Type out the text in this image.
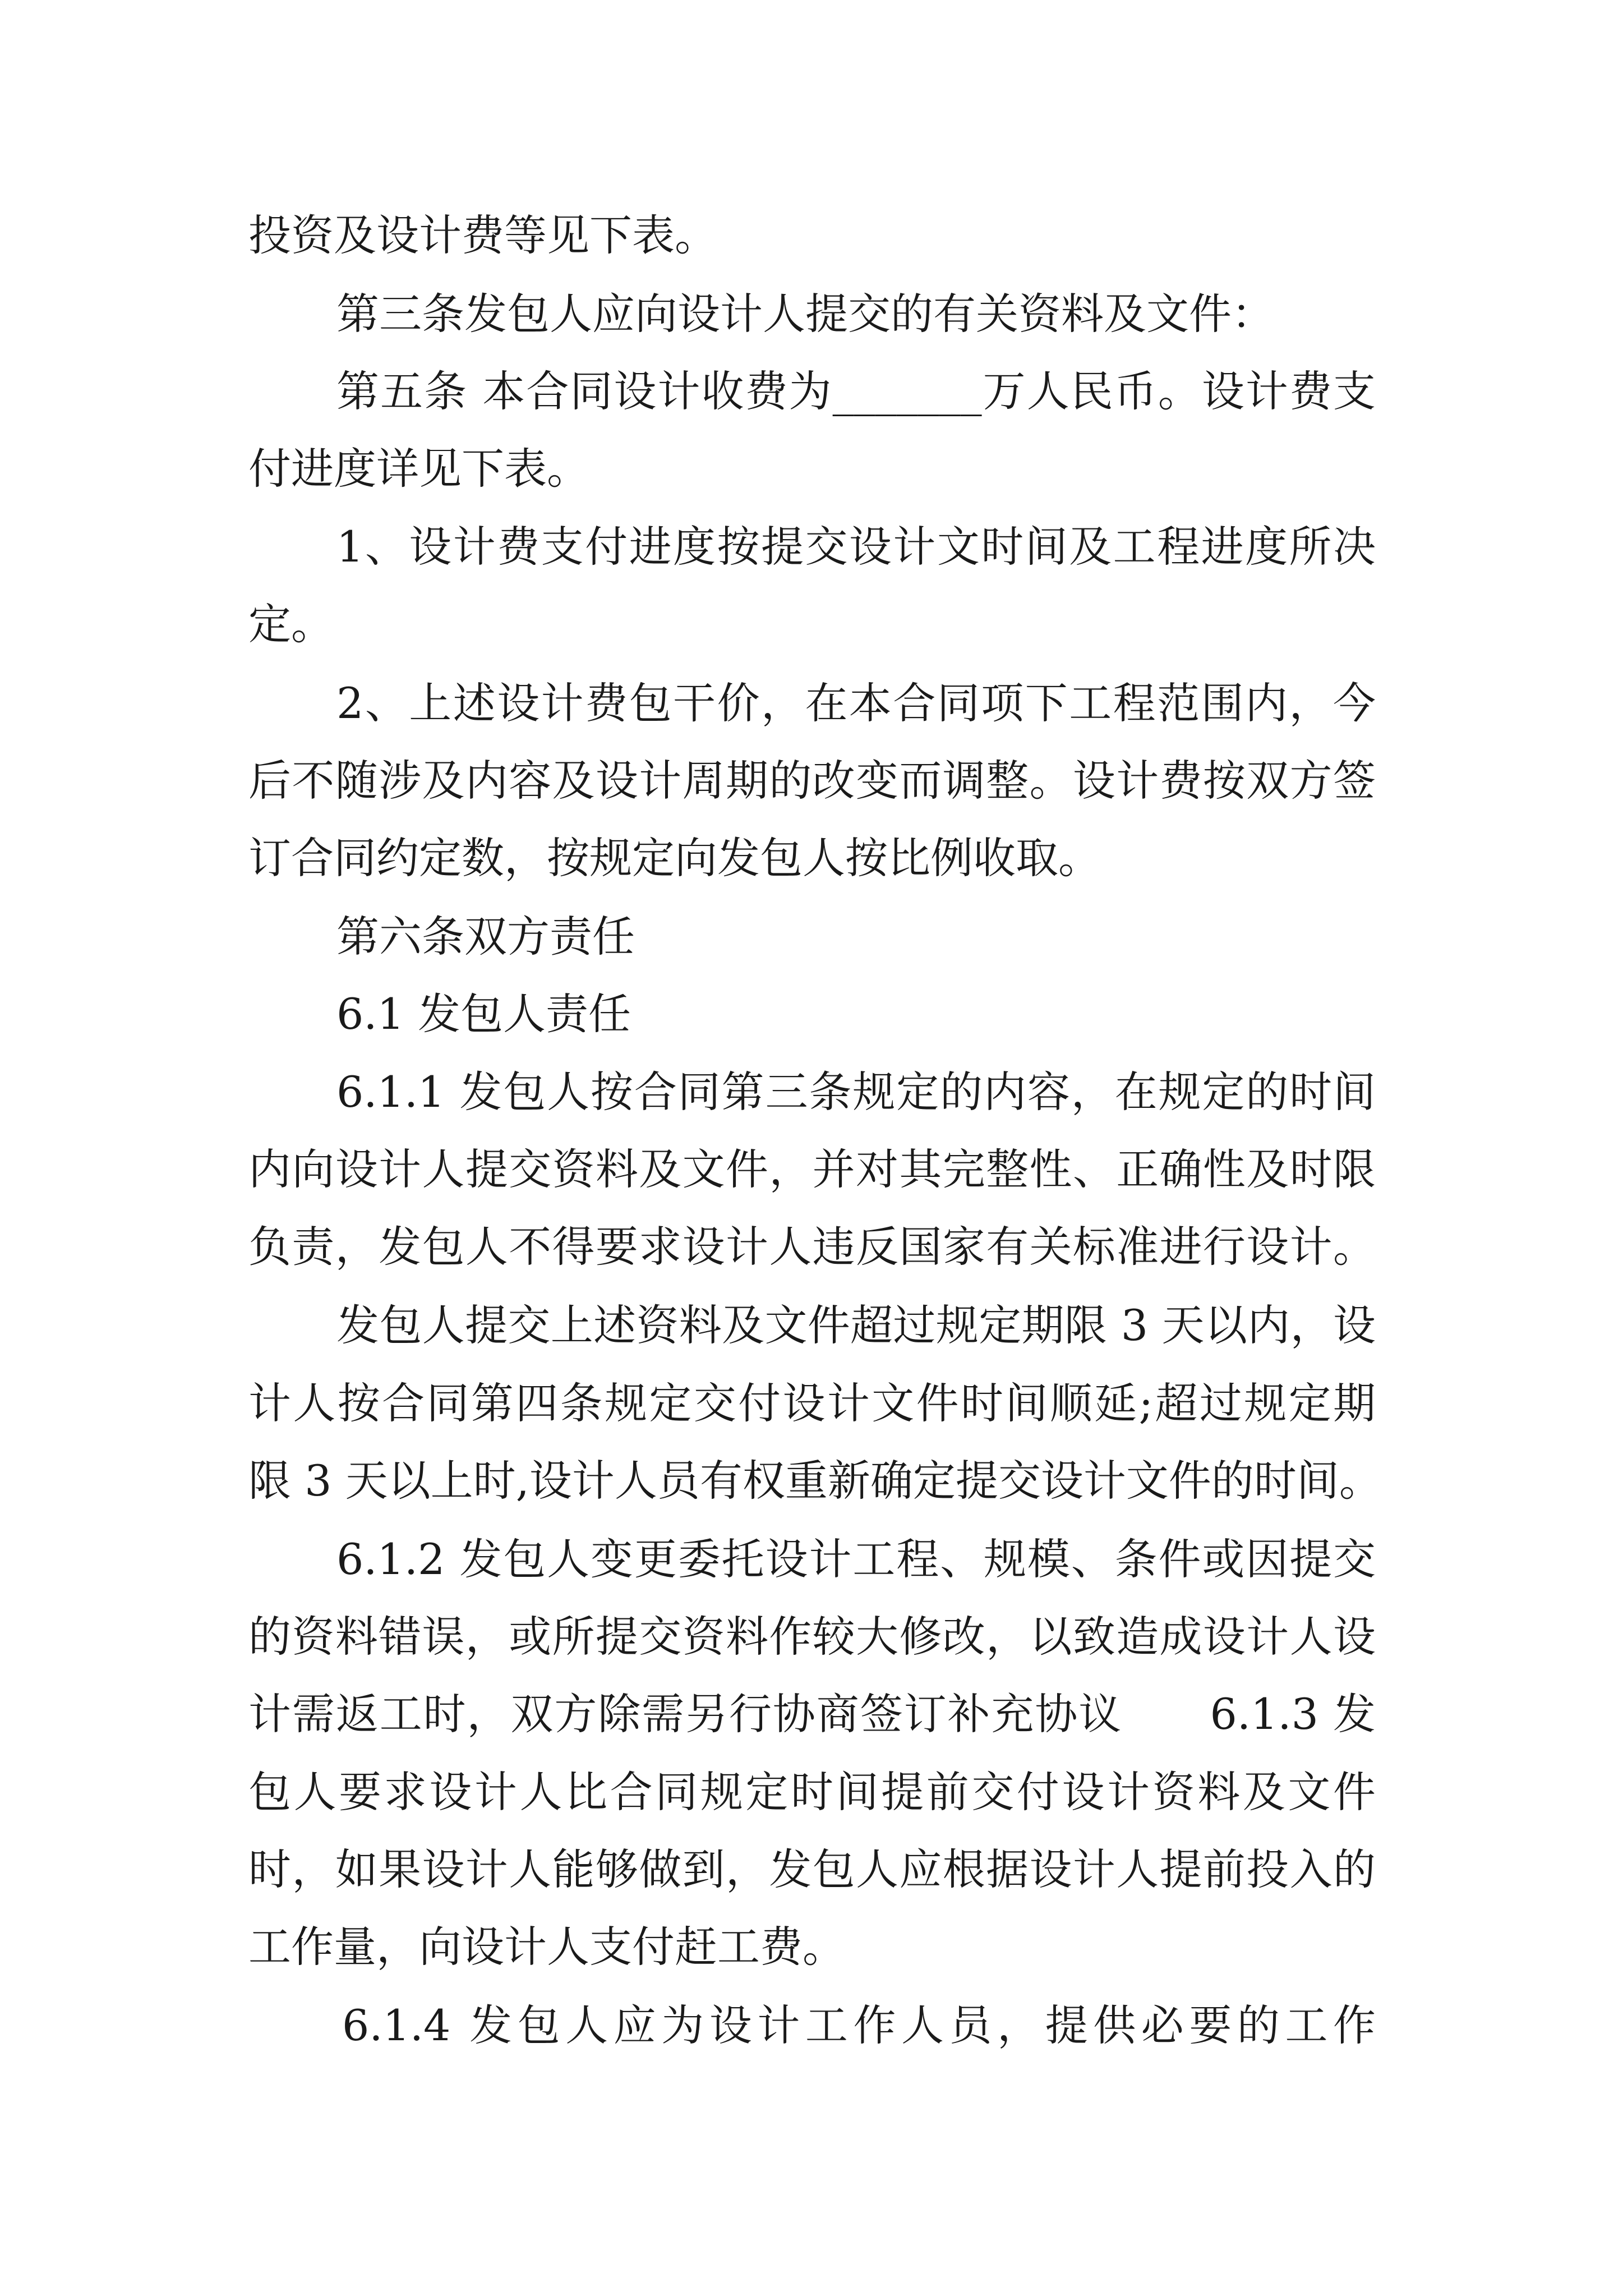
投资及设计费等见下表。
第三条发包人应向设计人提交的有关资料及文件：
第五条 本合同设计收费为_______万人民币。设计费支
付进度详见下表。
1、设计费支付进度按提交设计文时间及工程进度所决
定。
2、上述设计费包干价，在本合同项下工程范围内，今
后不随涉及内容及设计周期的改变而调整。设计费按双方签
订合同约定数，按规定向发包人按比例收取。
第六条双方责任
6.1 发包人责任
6.1.1 发包人按合同第三条规定的内容，在规定的时间
内向设计人提交资料及文件，并对其完整性、正确性及时限
负责，发包人不得要求设计人违反国家有关标准进行设计。
发包人提交上述资料及文件超过规定期限 3 天以内，设
计人按合同第四条规定交付设计文件时间顺延;超过规定期
限 3 天以上时,设计人员有权重新确定提交设计文件的时间。
6.1.2 发包人变更委托设计工程、规模、条件或因提交
的资料错误，或所提交资料作较大修改，以致造成设计人设
计需返工时，双方除需另行协商签订补充协议      6.1.3 发
包人要求设计人比合同规定时间提前交付设计资料及文件
时，如果设计人能够做到，发包人应根据设计人提前投入的
工作量，向设计人支付赶工费。
6.1.4 发包人应为设计工作人员，提供必要的工作
